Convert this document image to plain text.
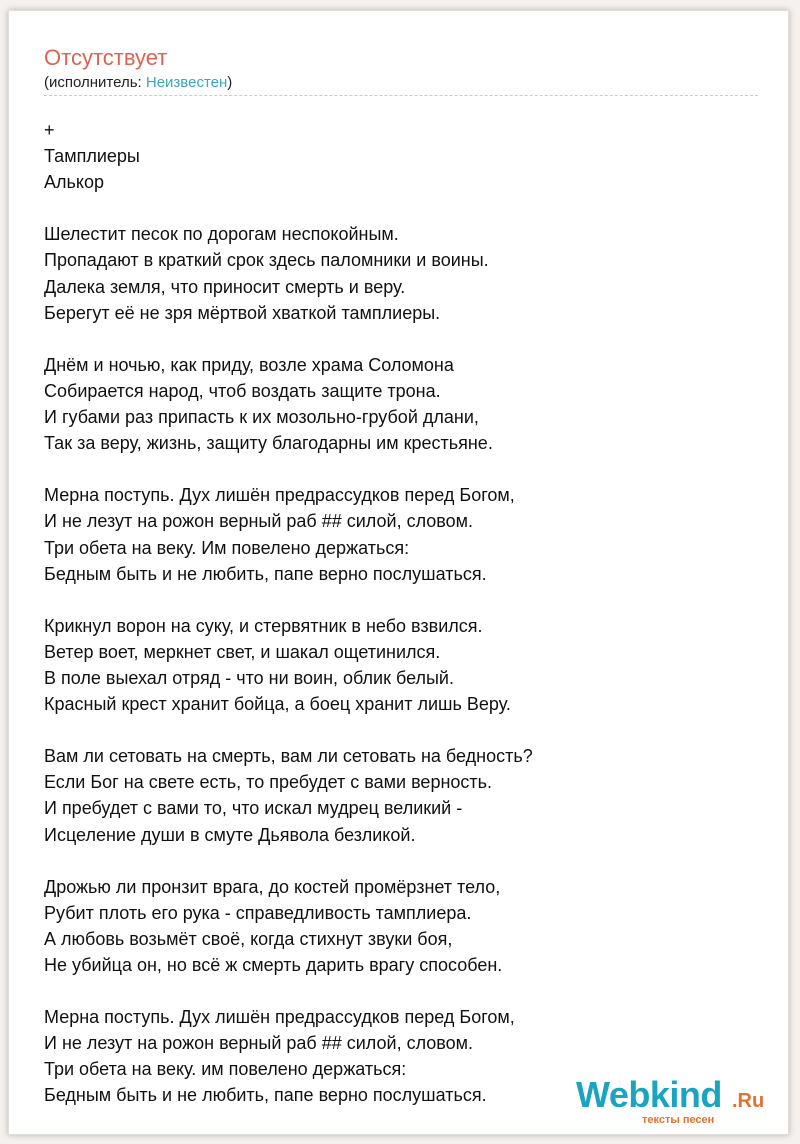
Отсутствует
(исполнитель: Неизвестен)
+
Тамплиеры
Алькор
Шелестит песок по дорогам неспокойным.
Пропадают в краткий срок здесь паломники и воины.
Далека земля, что приносит смерть и веру.
Берегут её не зря мёртвой хваткой тамплиеры.
Днём и ночью, как приду, возле храма Соломона
Собирается народ, чтоб воздать защите трона.
И губами раз припасть к их мозольно-грубой длани,
Так за веру, жизнь, защиту благодарны им крестьяне.
Мерна поступь. Дух лишён предрассудков перед Богом,
И не лезут на рожон верный раб ## силой, словом.
Три обета на веку. Им повелено держаться:
Бедным быть и не любить, папе верно послушаться.
Крикнул ворон на суку, и стервятник в небо взвился.
Ветер воет, меркнет свет, и шакал ощетинился.
В поле выехал отряд - что ни воин, облик белый.
Красный крест хранит бойца, а боец хранит лишь Веру.
Вам ли сетовать на смерть, вам ли сетовать на бедность?
Если Бог на свете есть, то пребудет с вами верность.
И пребудет с вами то, что искал мудрец великий -
Исцеление души в смуте Дьявола безликой.
Дрожью ли пронзит врага, до костей промёрзнет тело,
Рубит плоть его рука - справедливость тамплиера.
А любовь возьмёт своё, когда стихнут звуки боя,
Не убийца он, но всё ж смерть дарить врагу способен.
Мерна поступь. Дух лишён предрассудков перед Богом,
И не лезут на рожон верный раб ## силой, словом.
Три обета на веку. им повелено держаться:
Бедным быть и не любить, папе верно послушаться.	Webkind .Ru
тексты песен
